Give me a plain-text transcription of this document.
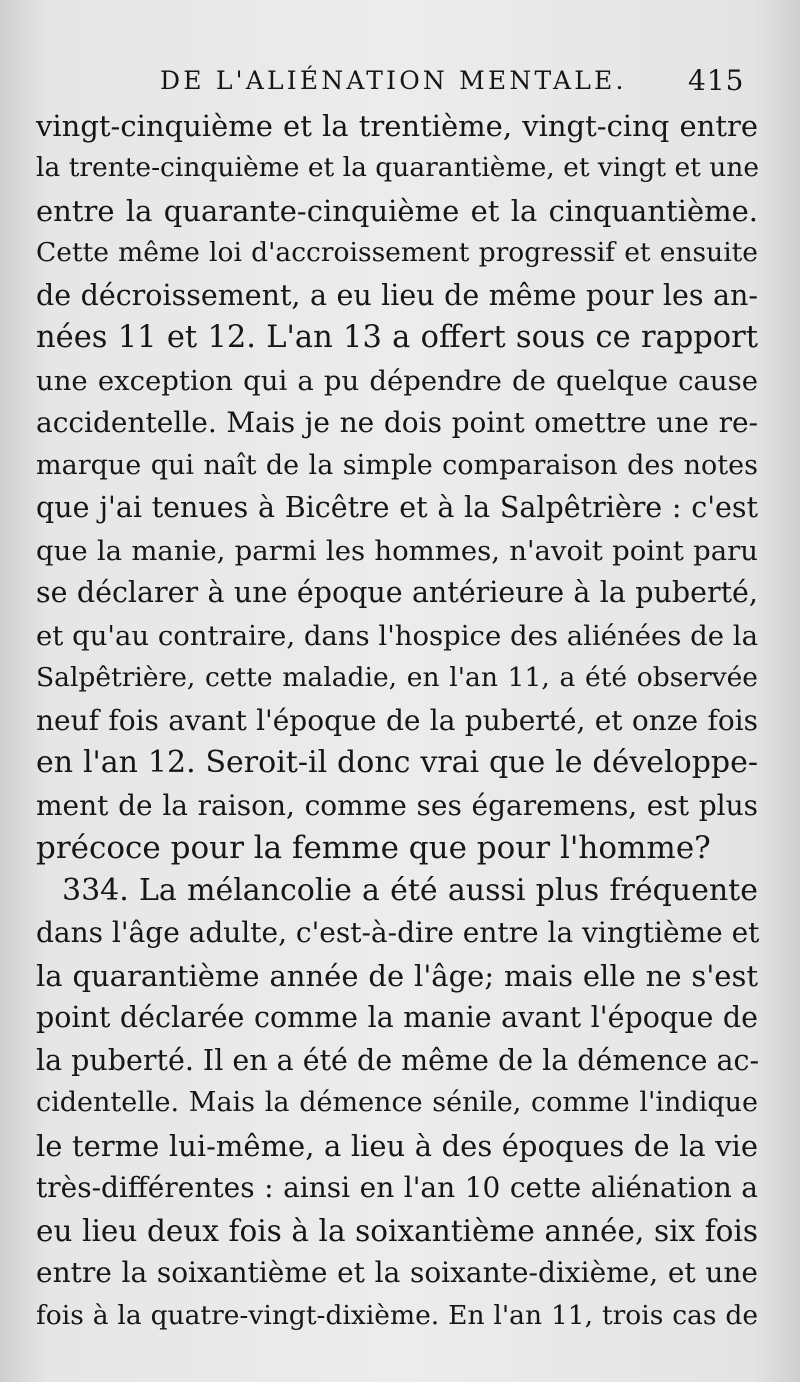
DE L'ALIÉNATION MENTALE. 415
vingt-cinquième et la trentième, vingt-cinq entre
la trente-cinquième et la quarantième, et vingt et une
entre la quarante-cinquième et la cinquantième.
Cette même loi d'accroissement progressif et ensuite
de décroissement, a eu lieu de même pour les an-
nées 11 et 12. L'an 13 a offert sous ce rapport
une exception qui a pu dépendre de quelque cause
accidentelle. Mais je ne dois point omettre une re-
marque qui naît de la simple comparaison des notes
que j'ai tenues à Bicêtre et à la Salpêtrière : c'est
que la manie, parmi les hommes, n'avoit point paru
se déclarer à une époque antérieure à la puberté,
et qu'au contraire, dans l'hospice des aliénées de la
Salpêtrière, cette maladie, en l'an 11, a été observée
neuf fois avant l'époque de la puberté, et onze fois
en l'an 12. Seroit-il donc vrai que le développe-
ment de la raison, comme ses égaremens, est plus
précoce pour la femme que pour l'homme?
334. La mélancolie a été aussi plus fréquente
dans l'âge adulte, c'est-à-dire entre la vingtième et
la quarantième année de l'âge; mais elle ne s'est
point déclarée comme la manie avant l'époque de
la puberté. Il en a été de même de la démence ac-
cidentelle. Mais la démence sénile, comme l'indique
le terme lui-même, a lieu à des époques de la vie
très-différentes : ainsi en l'an 10 cette aliénation a
eu lieu deux fois à la soixantième année, six fois
entre la soixantième et la soixante-dixième, et une
fois à la quatre-vingt-dixième. En l'an 11, trois cas de
